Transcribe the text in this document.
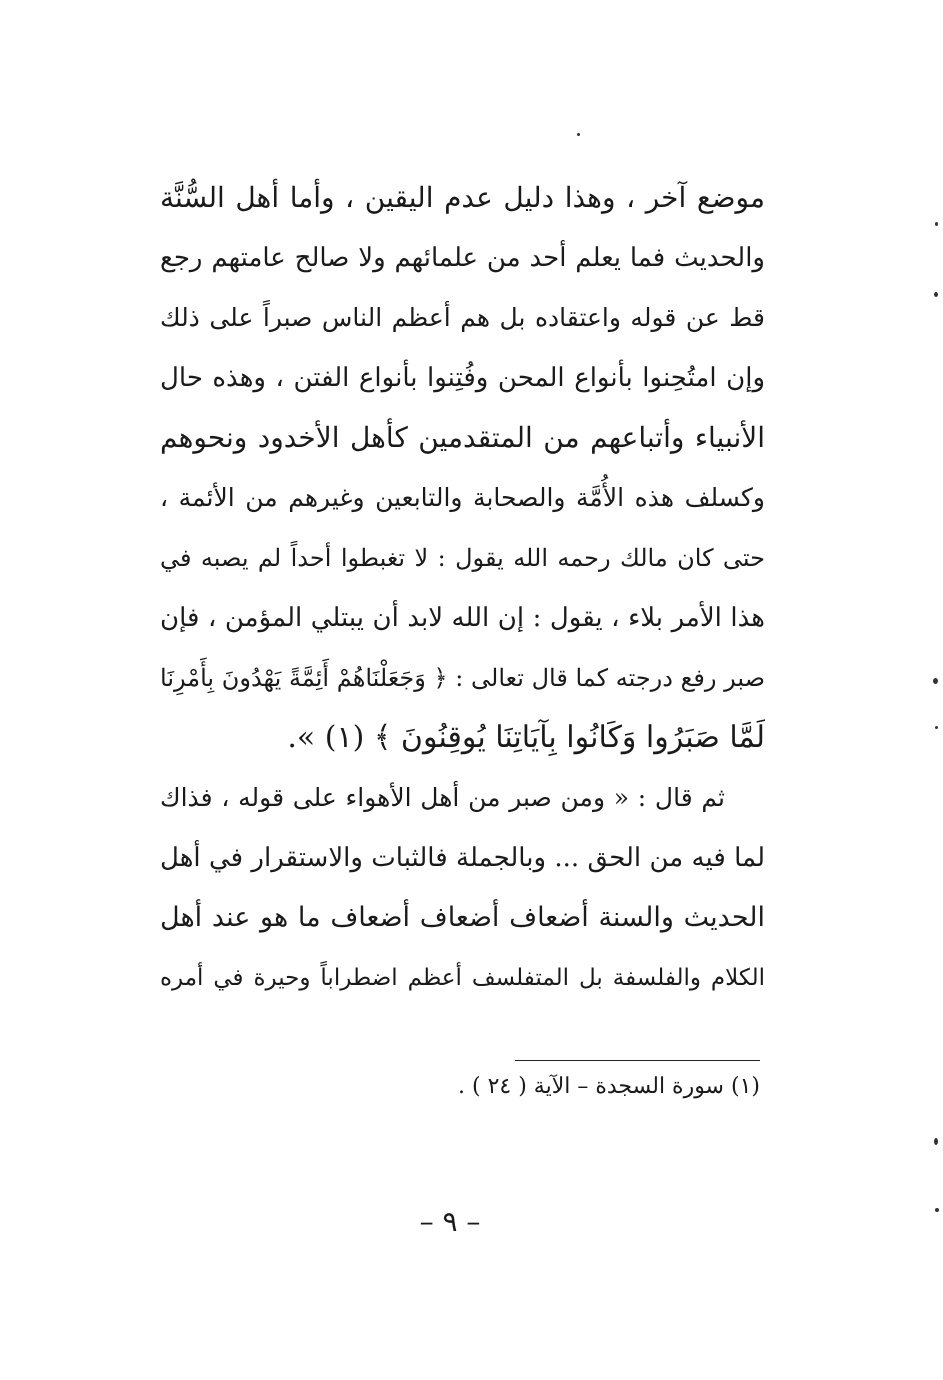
موضع آخر ، وهذا دليل عدم اليقين ، وأما أهل السُّنَّة
والحديث فما يعلم أحد من علمائهم ولا صالح عامتهم رجع
قط عن قوله واعتقاده بل هم أعظم الناس صبراً على ذلك
وإن امتُحِنوا بأنواع المحن وفُتِنوا بأنواع الفتن ، وهذه حال
الأنبياء وأتباعهم من المتقدمين كأهل الأخدود ونحوهم
وكسلف هذه الأُمَّة والصحابة والتابعين وغيرهم من الأئمة ،
حتى كان مالك رحمه الله يقول : لا تغبطوا أحداً لم يصبه في
هذا الأمر بلاء ، يقول : إن الله لابد أن يبتلي المؤمن ، فإن
صبر رفع درجته كما قال تعالى : ﴿ وَجَعَلْنَاهُمْ أَئِمَّةً يَهْدُونَ بِأَمْرِنَا
لَمَّا صَبَرُوا وَكَانُوا بِآيَاتِنَا يُوقِنُونَ ﴾ (١) ».
ثم قال : « ومن صبر من أهل الأهواء على قوله ، فذاك
لما فيه من الحق ... وبالجملة فالثبات والاستقرار في أهل
الحديث والسنة أضعاف أضعاف أضعاف ما هو عند أهل
الكلام والفلسفة بل المتفلسف أعظم اضطراباً وحيرة في أمره
(١) سورة السجدة – الآية ( ٢٤ ) .
– ٩ –
